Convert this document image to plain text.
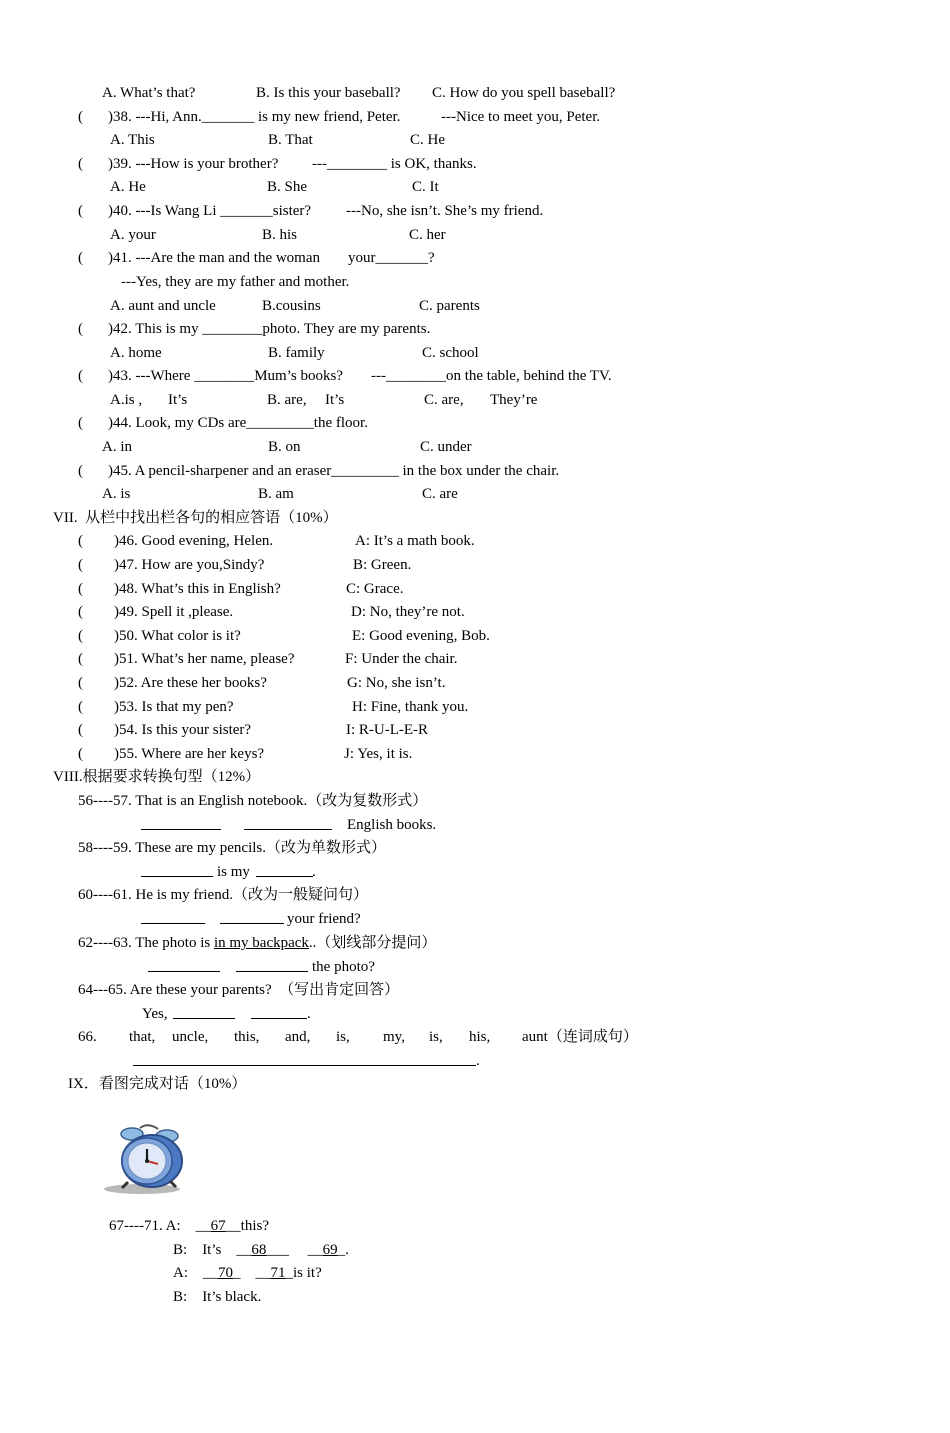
A. What’s that?	B. Is this your baseball? C. How do you spell baseball?
( )38. ---Hi, Ann._______ is my new friend, Peter.	---Nice to meet you, Peter.
A. This	B. That	C. He
( )39. ---How is your brother? ---________ is OK, thanks.
A. He	B. She	C. It
( )40. ---Is Wang Li _______sister? ---No, she isn’t. She’s my friend.
A. your	B. his	C. her
( )41. ---Are the man and the woman your_______?
---Yes, they are my father and mother.
A. aunt and uncle	B.cousins	C. parents
( )42. This is my ________photo. They are my parents.
A. home	B. family	C. school
( )43. ---Where ________Mum’s books? ---________on the table, behind the TV.
A.is , It’s	B. are, It’s	C. are, They’re
( )44. Look, my CDs are_________the floor.
A. in	B. on	C. under
( )45. A pencil-sharpener and an eraser_________ in the box under the chair.
A. is	B. am	C. are
VII.  从栏中找出栏各句的相应答语（10%）
( )46. Good evening, Helen.	A: It’s a math book.
( )47. How are you,Sindy?	B: Green.
( )48. What’s this in English?	C: Grace.
( )49. Spell it ,please.	D: No, they’re not.
( )50. What color is it?	E: Good evening, Bob.
( )51. What’s her name, please?	F: Under the chair.
( )52. Are these her books?	G: No, she isn’t.
( )53. Is that my pen?	H: Fine, thank you.
( )54. Is this your sister?	I: R-U-L-E-R
( )55. Where are her keys?	J: Yes, it is.
VIII.根据要求转换句型（12%）
56----57. That is an English notebook.（改为复数形式）
English books.
58----59. These are my pencils.（改为单数形式）
is my	.
60----61. He is my friend.（改为一般疑问句）
your friend?
62----63. The photo is in my backpack..（划线部分提问）
the photo?
64---65. Are these your parents?  （写出肯定回答）
Yes,	.
66. that, uncle, this, and, is, my, is, his, aunt（连词成句）
.
IX．看图完成对话（10%）
67----71. A:    __67__this?
B: It’s    __68___     __69_.
A:    __70_    __71_is it?
B: It’s black.
